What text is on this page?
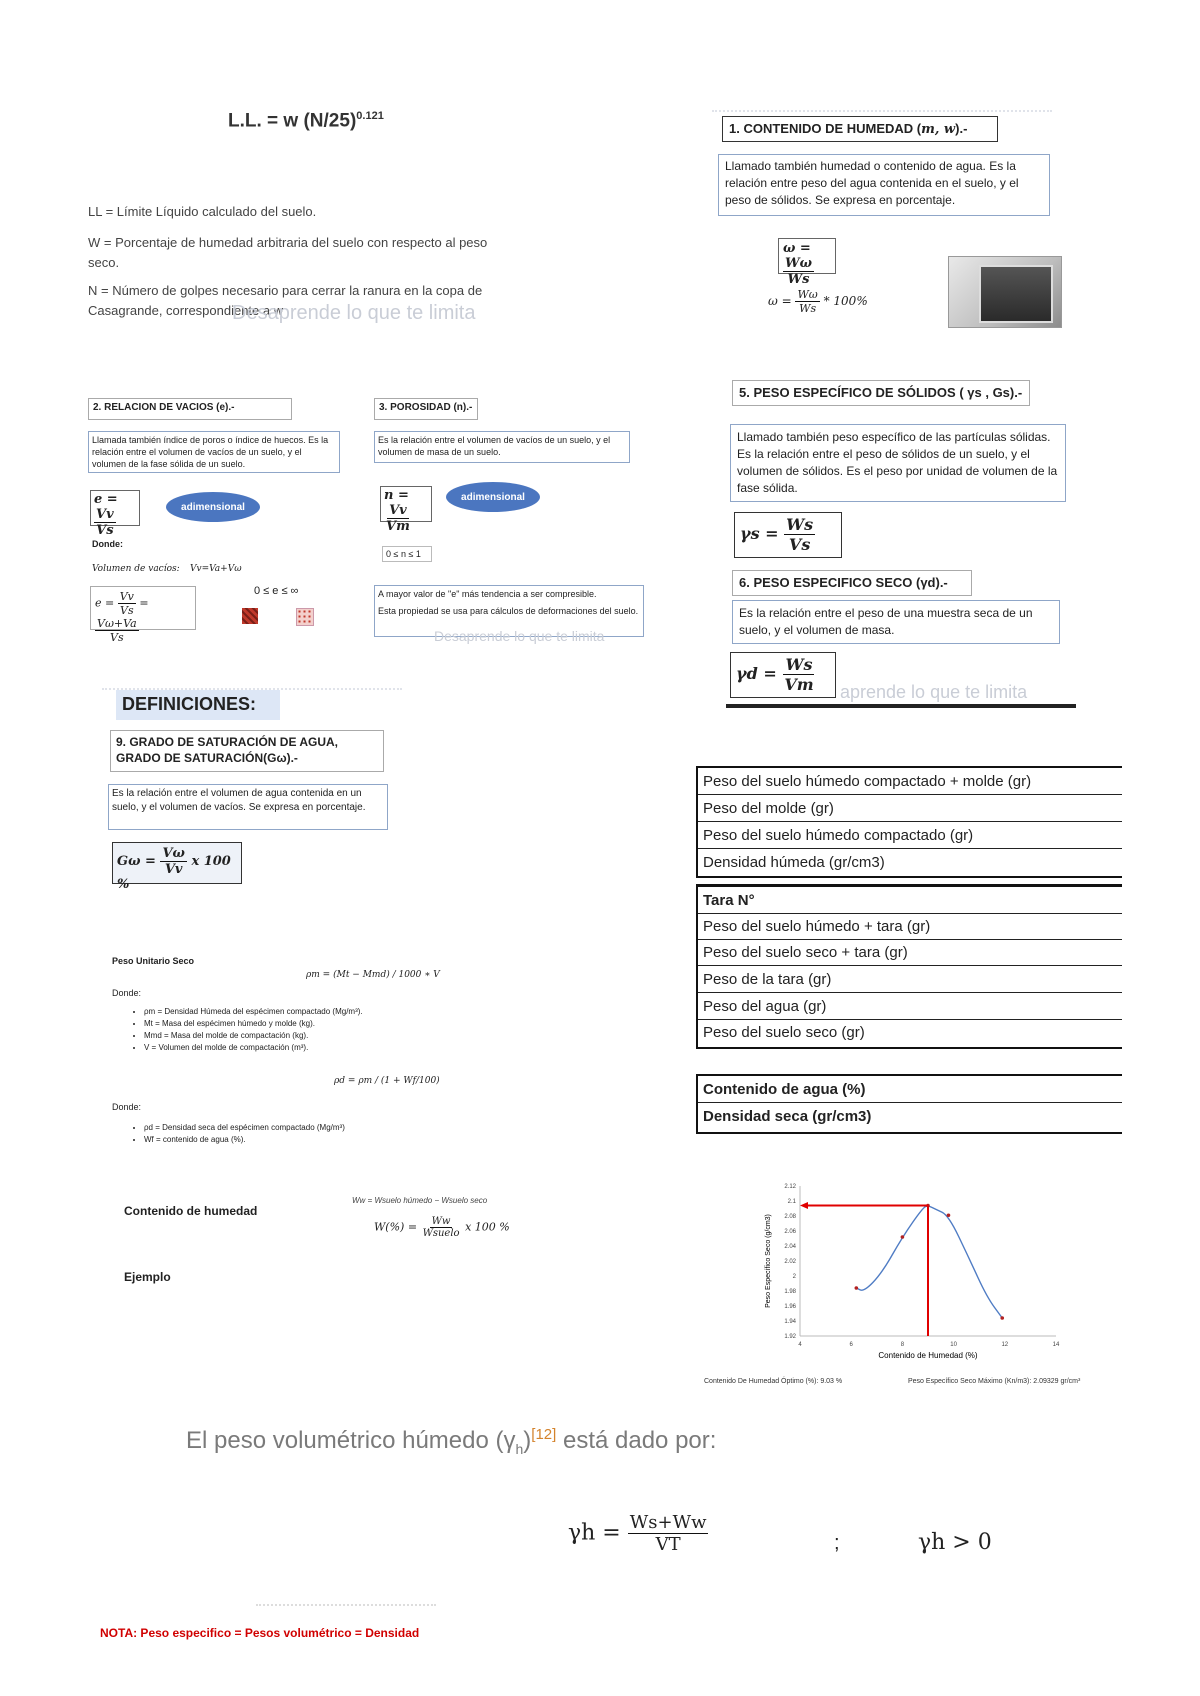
L.L. = w $(N/25)^{0.121}$
LL = Límite Líquido calculado del suelo.
W = Porcentaje de humedad arbitraria del suelo con respecto al peso seco.
N = Número de golpes necesario para cerrar la ranura en la copa de Casagrande, correspondiente a w
Desaprende lo que te limita
1. CONTENIDO DE HUMEDAD (m, w).-
Llamado también humedad o contenido de agua. Es la relación entre peso del agua contenida en el suelo, y el peso de sólidos. Se expresa en porcentaje.
ω =
$\frac{W\omega}{Ws}$
$\omega = \frac{W\omega}{Ws} * 100\%$
2. RELACION DE VACIOS (e).-
Llamada también índice de poros o índice de huecos. Es la relación entre el volumen de vacíos de un suelo, y el volumen de la fase sólida de un suelo.
e =
$\frac{Vv}{Vs}$	adimensional
Donde:
Volumen de vacíos: Vv=Va+Vω
$e = \frac{Vv}{Vs}$ =
$\frac{V\omega+Va}{Vs}$
0 ≤ e ≤ ∞
3. POROSIDAD (n).-
Es la relación entre el volumen de vacíos de un suelo, y el volumen de masa de un suelo.
n =
$\frac{Vv}{Vm}$
adimensional
0 ≤ n ≤ 1
A mayor valor de "e" más tendencia a ser compresible.
Esta propiedad se usa para cálculos de deformaciones del suelo.
Desaprende lo que te limita
5. PESO ESPECÍFICO DE SÓLIDOS ( γs , Gs).-
Llamado también peso específico de las partículas sólidas. Es la relación entre el peso de sólidos de un suelo, y el volumen de sólidos. Es el peso por unidad de volumen de la fase sólida.
$\gamma s = \frac{Ws}{Vs}$
6. PESO ESPECIFICO SECO (γd).-
Es la relación entre el peso de una muestra seca de un suelo, y el volumen de masa.
$\gamma d = \frac{Ws}{Vm}$ aprende lo que te limita
DEFINICIONES:
9. GRADO DE SATURACIÓN DE AGUA,
GRADO DE SATURACIÓN(Gω).-
Es la relación entre el volumen de agua contenida en un suelo, y el volumen de vacíos. Se expresa en porcentaje.
$G\omega = \frac{V\omega}{Vv}$ x 100 %
Peso Unitario Seco
ρm = (Mt − Mmd) / 1000 ∗ V
Donde:
• ρm = Densidad Húmeda del espécimen compactado (Mg/m³).
• Mt = Masa del espécimen húmedo y molde (kg).
• Mmd = Masa del molde de compactación (kg).
• V = Volumen del molde de compactación (m³).
ρd = ρm / (1 + Wf/100)
Donde:
• ρd = Densidad seca del espécimen compactado (Mg/m³)
• Wf = contenido de agua (%).
Ww = Wsuelo húmedo − Wsuelo seco
Contenido de humedad
$W(\%) = \frac{Ww}{\text{Wsuelo}}$ x 100 %
Ejemplo
Peso del suelo húmedo compactado + molde (gr)
Peso del molde (gr)
Peso del suelo húmedo compactado (gr)
Densidad húmeda (gr/cm3)
Tara N°
Peso del suelo húmedo + tara (gr)
Peso del suelo seco + tara (gr)
Peso de la tara (gr)
Peso del agua (gr)
Peso del suelo seco (gr)
Contenido de agua (%)
Densidad seca (gr/cm3)
2.12
2.1
2.08
2.06
2.04
2.02
2
1.98
1.96
1.94
1.92
4	6	8	10	12	14
Contenido de Humedad (%)
Peso Específico Seco (g/cm3)
Contenido De Humedad Óptimo (%): 9.03 %	Peso Específico Seco Máximo (Kn/m3): 2.09329 gr/cm³
El peso volumétrico húmedo $(\gamma_h)[12]$ está dado por:
$\gamma h = \frac{Ws+Ww}{VT}$	;	γh > 0
NOTA: Peso especifico = Pesos volumétrico = Densidad
